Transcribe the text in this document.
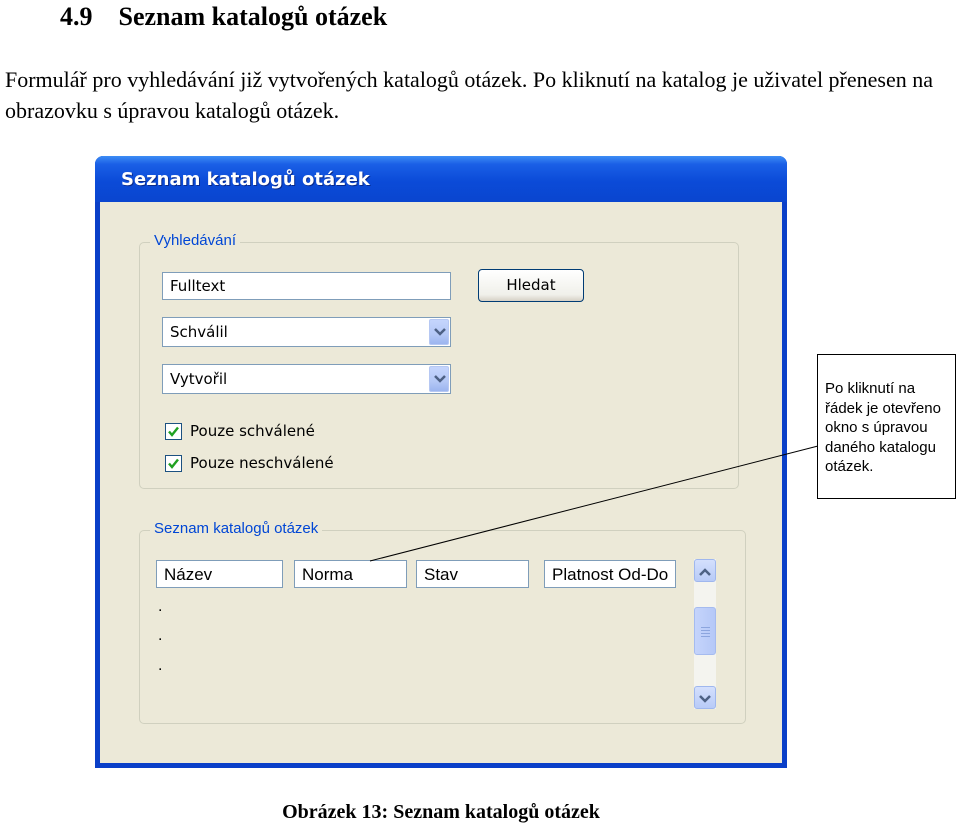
4.9 Seznam katalogů otázek

Formulář pro vyhledávání již vytvořených katalogů otázek. Po kliknutí na katalog je uživatel přenesen na obrazovku s úpravou katalogů otázek.

Seznam katalogů otázek
Vyhledávání
Fulltext	Hledat
Schválil
Vytvořil
Pouze schválené
Pouze neschválené
Seznam katalogů otázek
Název	Norma	Stav	Platnost Od-Do
.
.
.
Po kliknutí na řádek je otevřeno okno s úpravou daného katalogu otázek.
Obrázek 13: Seznam katalogů otázek
